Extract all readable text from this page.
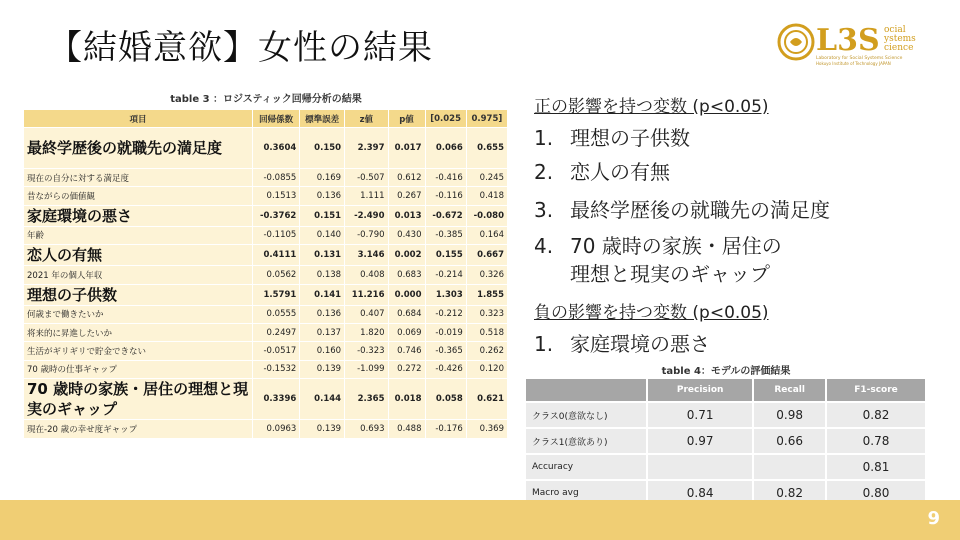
【結婚意欲】女性の結果	L3S ocial
ystems
cience
Laboratory for Social Systems Science
Hokuyo Institute of Technology JAPAN
table 3 ：ロジスティック回帰分析の結果
項目	回帰係数	標準誤差	z値	p値	[0.025	0.975]
最終学歴後の就職先の満足度	0.3604	0.150	2.397	0.017	0.066	0.655
現在の自分に対する満足度	-0.0855	0.169	-0.507	0.612	-0.416	0.245
昔ながらの価値観	0.1513	0.136	1.111	0.267	-0.116	0.418
家庭環境の悪さ	-0.3762	0.151	-2.490	0.013	-0.672	-0.080
年齢	-0.1105	0.140	-0.790	0.430	-0.385	0.164
恋人の有無	0.4111	0.131	3.146	0.002	0.155	0.667
2021 年の個人年収	0.0562	0.138	0.408	0.683	-0.214	0.326
理想の子供数	1.5791	0.141	11.216	0.000	1.303	1.855
何歳まで働きたいか	0.0555	0.136	0.407	0.684	-0.212	0.323
将来的に昇進したいか	0.2497	0.137	1.820	0.069	-0.019	0.518
生活がギリギリで貯金できない	-0.0517	0.160	-0.323	0.746	-0.365	0.262
70 歳時の仕事ギャップ	-0.1532	0.139	-1.099	0.272	-0.426	0.120
70 歳時の家族・居住の理想と現実のギャップ	0.3396	0.144	2.365	0.018	0.058	0.621
現在-20 歳の幸せ度ギャップ	0.0963	0.139	0.693	0.488	-0.176	0.369
正の影響を持つ変数 (p<0.05)
1. 理想の子供数
2. 恋人の有無
3. 最終学歴後の就職先の満足度
4. 70 歳時の家族・居住の
理想と現実のギャップ
負の影響を持つ変数 (p<0.05)
1. 家庭環境の悪さ
table 4：モデルの評価結果
	Precision	Recall	F1-score
クラス0(意欲なし)	0.71	0.98	0.82
クラス1(意欲あり)	0.97	0.66	0.78
Accuracy			0.81
Macro avg	0.84	0.82	0.80

9
